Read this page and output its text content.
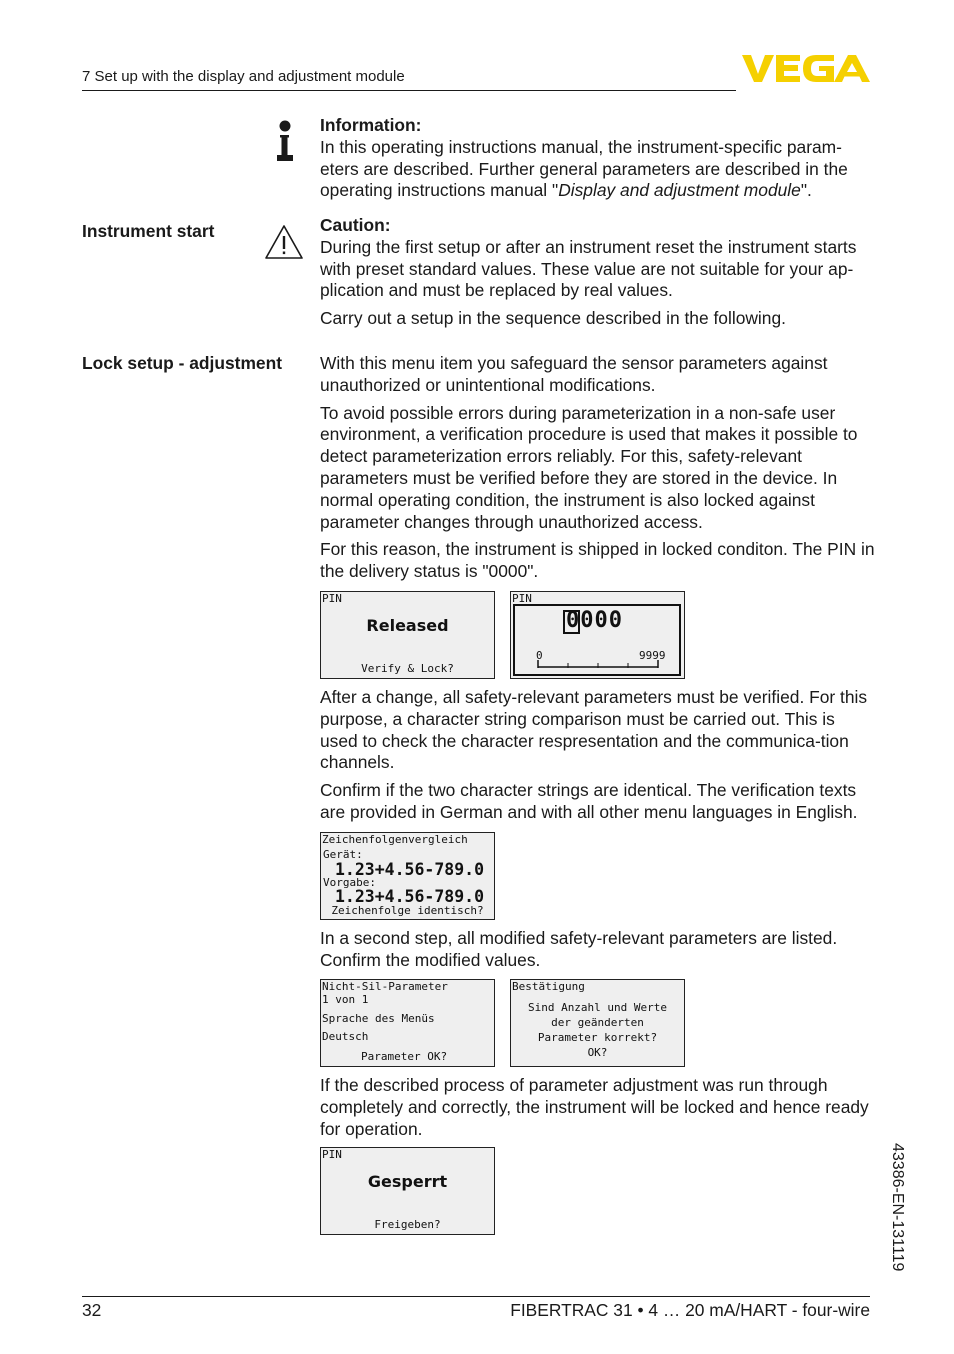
7 Set up with the display and adjustment module

Information:

In this operating instructions manual, the instrument-specific param-eters are described. Further general parameters are described in the operating instructions manual "Display and adjustment module".

Instrument start	Caution:

During the first setup or after an instrument reset the instrument starts with preset standard values. These value are not suitable for your ap-plication and must be replaced by real values.

Carry out a setup in the sequence described in the following.

Lock setup - adjustment With this menu item you safeguard the sensor parameters against unauthorized or unintentional modifications.

To avoid possible errors during parameterization in a non-safe user environment, a verification procedure is used that makes it possible to detect parameterization errors reliably. For this, safety-relevant parameters must be verified before they are stored in the device. In normal operating condition, the instrument is also locked against parameter changes through unauthorized access.

For this reason, the instrument is shipped in locked conditon. The PIN in the delivery status is "0000".

PIN
Released
Verify & Lock?
PIN
0000
0	9999

After a change, all safety-relevant parameters must be verified. For this purpose, a character string comparison must be carried out. This is used to check the character respresentation and the communica-tion channels.

Confirm if the two character strings are identical. The verification texts are provided in German and with all other menu languages in English.

Zeichenfolgenvergleich
Gerät:
1.23+4.56-789.0
Vorgabe:
1.23+4.56-789.0
Zeichenfolge identisch?

In a second step, all modified safety-relevant parameters are listed. Confirm the modified values.

Nicht-Sil-Parameter
1 von 1
Sprache des Menüs
Deutsch
Parameter OK?
Bestätigung
Sind Anzahl und Werte
der geänderten
Parameter korrekt?
OK?

If the described process of parameter adjustment was run through completely and correctly, the instrument will be locked and hence ready for operation.

PIN
Gesperrt
Freigeben?	43386-EN-131119
32	FIBERTRAC 31 • 4 … 20 mA/HART - four-wire
